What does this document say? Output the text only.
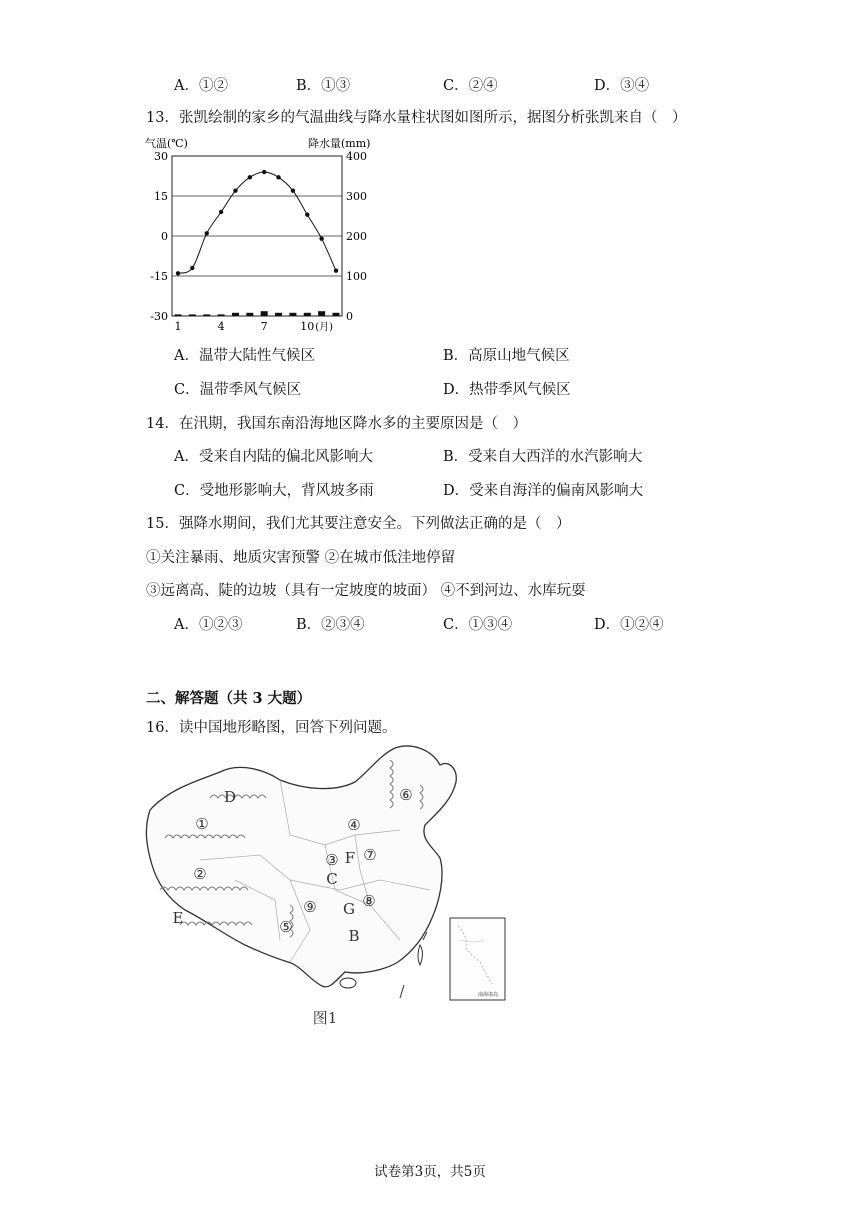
A．①②	B．①③	C．②④	D．③④
13．张凯绘制的家乡的气温曲线与降水量柱状图如图所示，据图分析张凯来自（　）
气温(℃)	降水量(mm)
30
15
0
-15
-30
400
300
200
100
0
1	4	7	10 (月)
A．温带大陆性气候区	B．高原山地气候区
C．温带季风气候区	D．热带季风气候区
14．在汛期，我国东南沿海地区降水多的主要原因是（　）
A．受来自内陆的偏北风影响大	B．受来自大西洋的水汽影响大
C．受地形影响大，背风坡多雨	D．受来自海洋的偏南风影响大
15．强降水期间，我们尤其要注意安全。下列做法正确的是（　）
①关注暴雨、地质灾害预警 ②在城市低洼地停留
③远离高、陡的边坡（具有一定坡度的坡面） ④不到河边、水库玩耍
A．①②③	B．②③④	C．①③④	D．①②④
二、解答题（共 3 大题）
16．读中国地形略图，回答下列问题。
D
①
②
E
③
④
⑤
⑥
⑦
⑧
⑨
F
C
G
B
南海诸岛
图1
试卷第3页，共5页
